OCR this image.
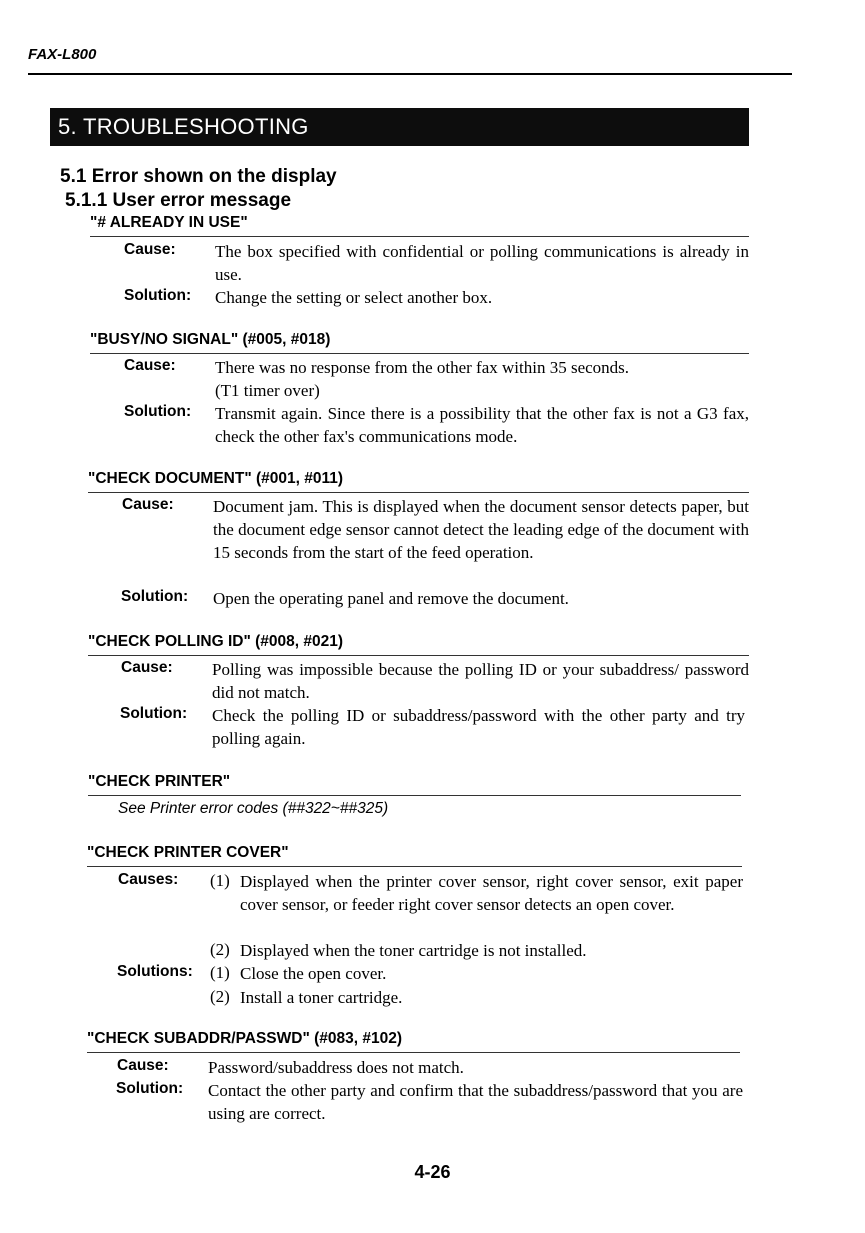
FAX-L800
5. TROUBLESHOOTING
5.1 Error shown on the display
5.1.1 User error message
"# ALREADY IN USE"
Cause: The box specified with confidential or polling communications is already in use.
Solution: Change the setting or select another box.
"BUSY/NO SIGNAL" (#005, #018)
Cause: There was no response from the other fax within 35 seconds.
(T1 timer over)
Solution: Transmit again. Since there is a possibility that the other fax is not a G3 fax, check the other fax's communications mode.
"CHECK DOCUMENT" (#001, #011)
Cause: Document jam. This is displayed when the document sensor detects paper, but the document edge sensor cannot detect the leading edge of the document with 15 seconds from the start of the feed operation.
Solution: Open the operating panel and remove the document.
"CHECK POLLING ID" (#008, #021)
Cause: Polling was impossible because the polling ID or your subaddress/ password did not match.
Solution: Check the polling ID or subaddress/password with the other party and try polling again.
"CHECK PRINTER"
See Printer error codes (##322~##325)
"CHECK PRINTER COVER"
Causes: (1) Displayed when the printer cover sensor, right cover sensor, exit paper cover sensor, or feeder right cover sensor detects an open cover.
(2) Displayed when the toner cartridge is not installed.
Solutions: (1) Close the open cover.
(2) Install a toner cartridge.
"CHECK SUBADDR/PASSWD" (#083, #102)
Cause: Password/subaddress does not match.
Solution: Contact the other party and confirm that the subaddress/password that you are using are correct.
4-26
